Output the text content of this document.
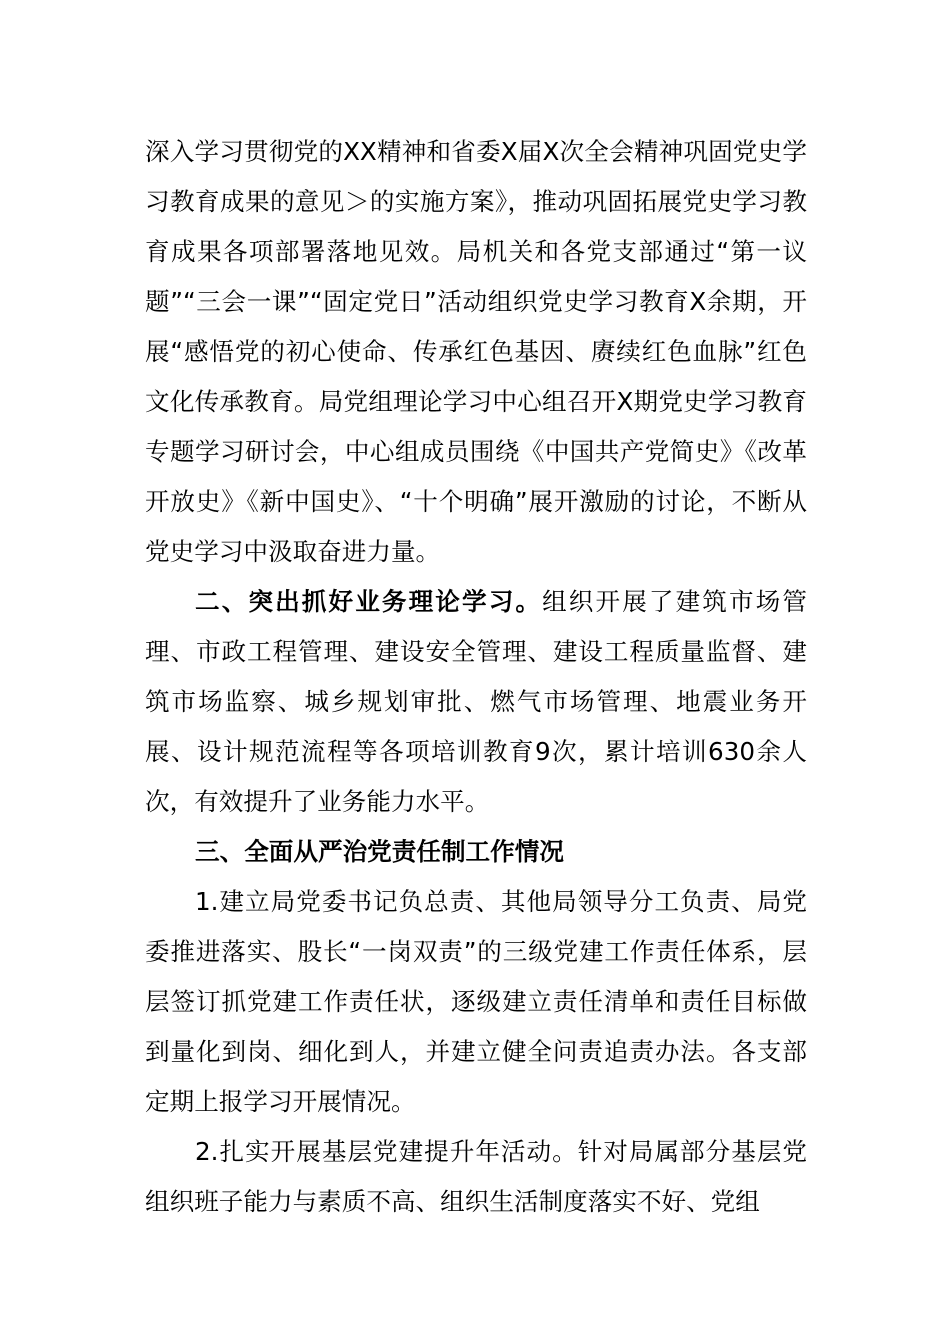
深入学习贯彻党的XX精神和省委X届X次全会精神巩固党史学习教育成果的意见＞的实施方案》，推动巩固拓展党史学习教育成果各项部署落地见效。局机关和各党支部通过“第一议题”“三会一课”“固定党日”活动组织党史学习教育X余期，开展“感悟党的初心使命、传承红色基因、赓续红色血脉”红色文化传承教育。局党组理论学习中心组召开X期党史学习教育专题学习研讨会，中心组成员围绕《中国共产党简史》《改革开放史》《新中国史》、“十个明确”展开激励的讨论，不断从党史学习中汲取奋进力量。

二、突出抓好业务理论学习。组织开展了建筑市场管理、市政工程管理、建设安全管理、建设工程质量监督、建筑市场监察、城乡规划审批、燃气市场管理、地震业务开展、设计规范流程等各项培训教育9次，累计培训630余人次，有效提升了业务能力水平。

三、全面从严治党责任制工作情况

1.建立局党委书记负总责、其他局领导分工负责、局党委推进落实、股长“一岗双责”的三级党建工作责任体系，层层签订抓党建工作责任状，逐级建立责任清单和责任目标做到量化到岗、细化到人，并建立健全问责追责办法。各支部定期上报学习开展情况。

2.扎实开展基层党建提升年活动。针对局属部分基层党组织班子能力与素质不高、组织生活制度落实不好、党组
